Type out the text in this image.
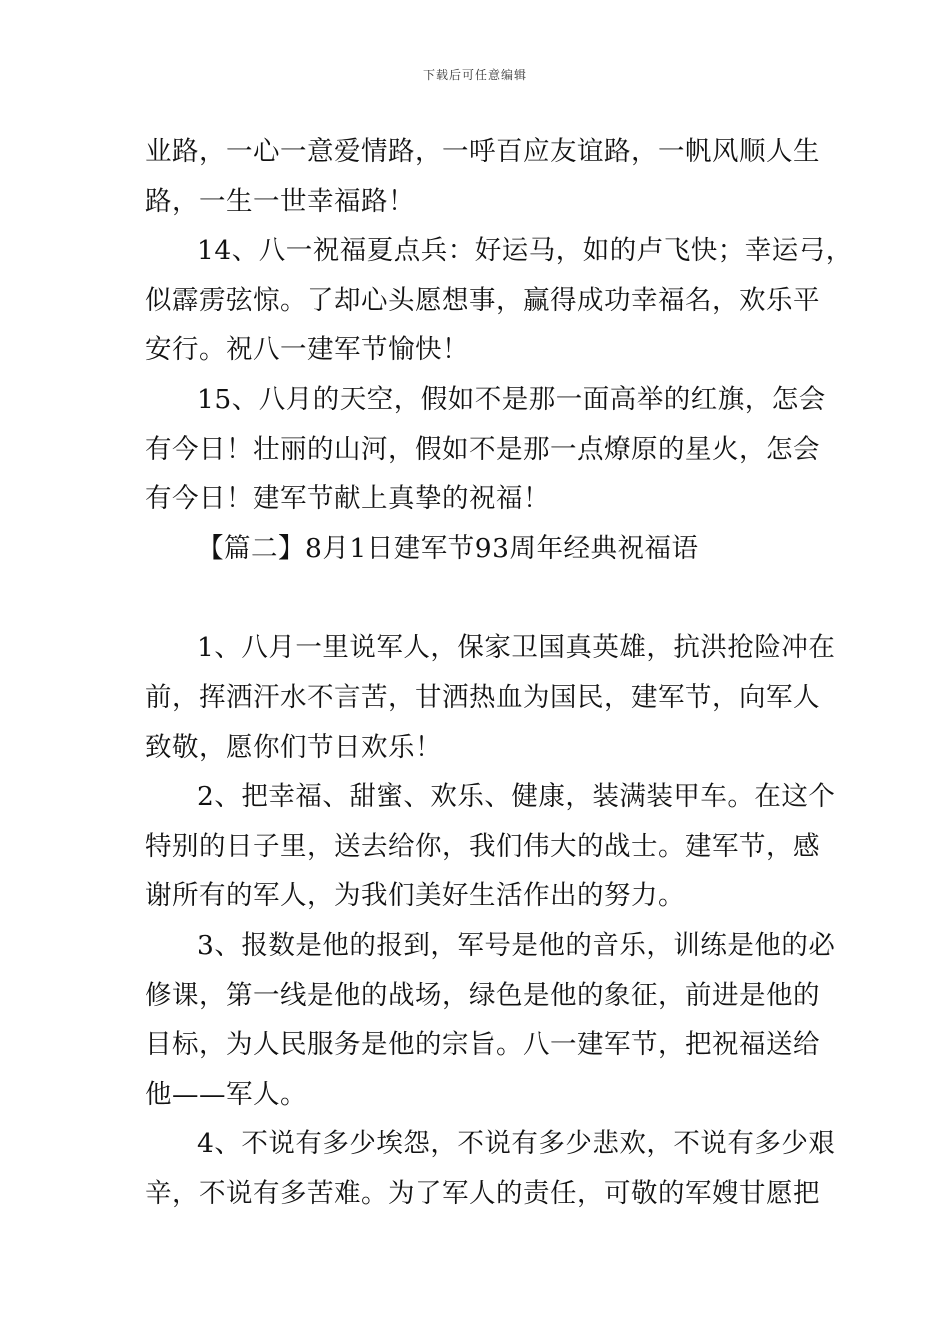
下载后可任意编辑
业路，一心一意爱情路，一呼百应友谊路，一帆风顺人生
路，一生一世幸福路！
14、八一祝福夏点兵：好运马，如的卢飞快；幸运弓，
似霹雳弦惊。了却心头愿想事，赢得成功幸福名，欢乐平
安行。祝八一建军节愉快！
15、八月的天空，假如不是那一面高举的红旗，怎会
有今日！壮丽的山河，假如不是那一点燎原的星火，怎会
有今日！建军节献上真挚的祝福！
【篇二】8月1日建军节93周年经典祝福语
1、八月一里说军人，保家卫国真英雄，抗洪抢险冲在
前，挥洒汗水不言苦，甘洒热血为国民，建军节，向军人
致敬，愿你们节日欢乐！
2、把幸福、甜蜜、欢乐、健康，装满装甲车。在这个
特别的日子里，送去给你，我们伟大的战士。建军节，感
谢所有的军人，为我们美好生活作出的努力。
3、报数是他的报到，军号是他的音乐，训练是他的必
修课，第一线是他的战场，绿色是他的象征，前进是他的
目标，为人民服务是他的宗旨。八一建军节，把祝福送给
他——军人。
4、不说有多少埃怨，不说有多少悲欢，不说有多少艰
辛，不说有多苦难。为了军人的责任，可敬的军嫂甘愿把
